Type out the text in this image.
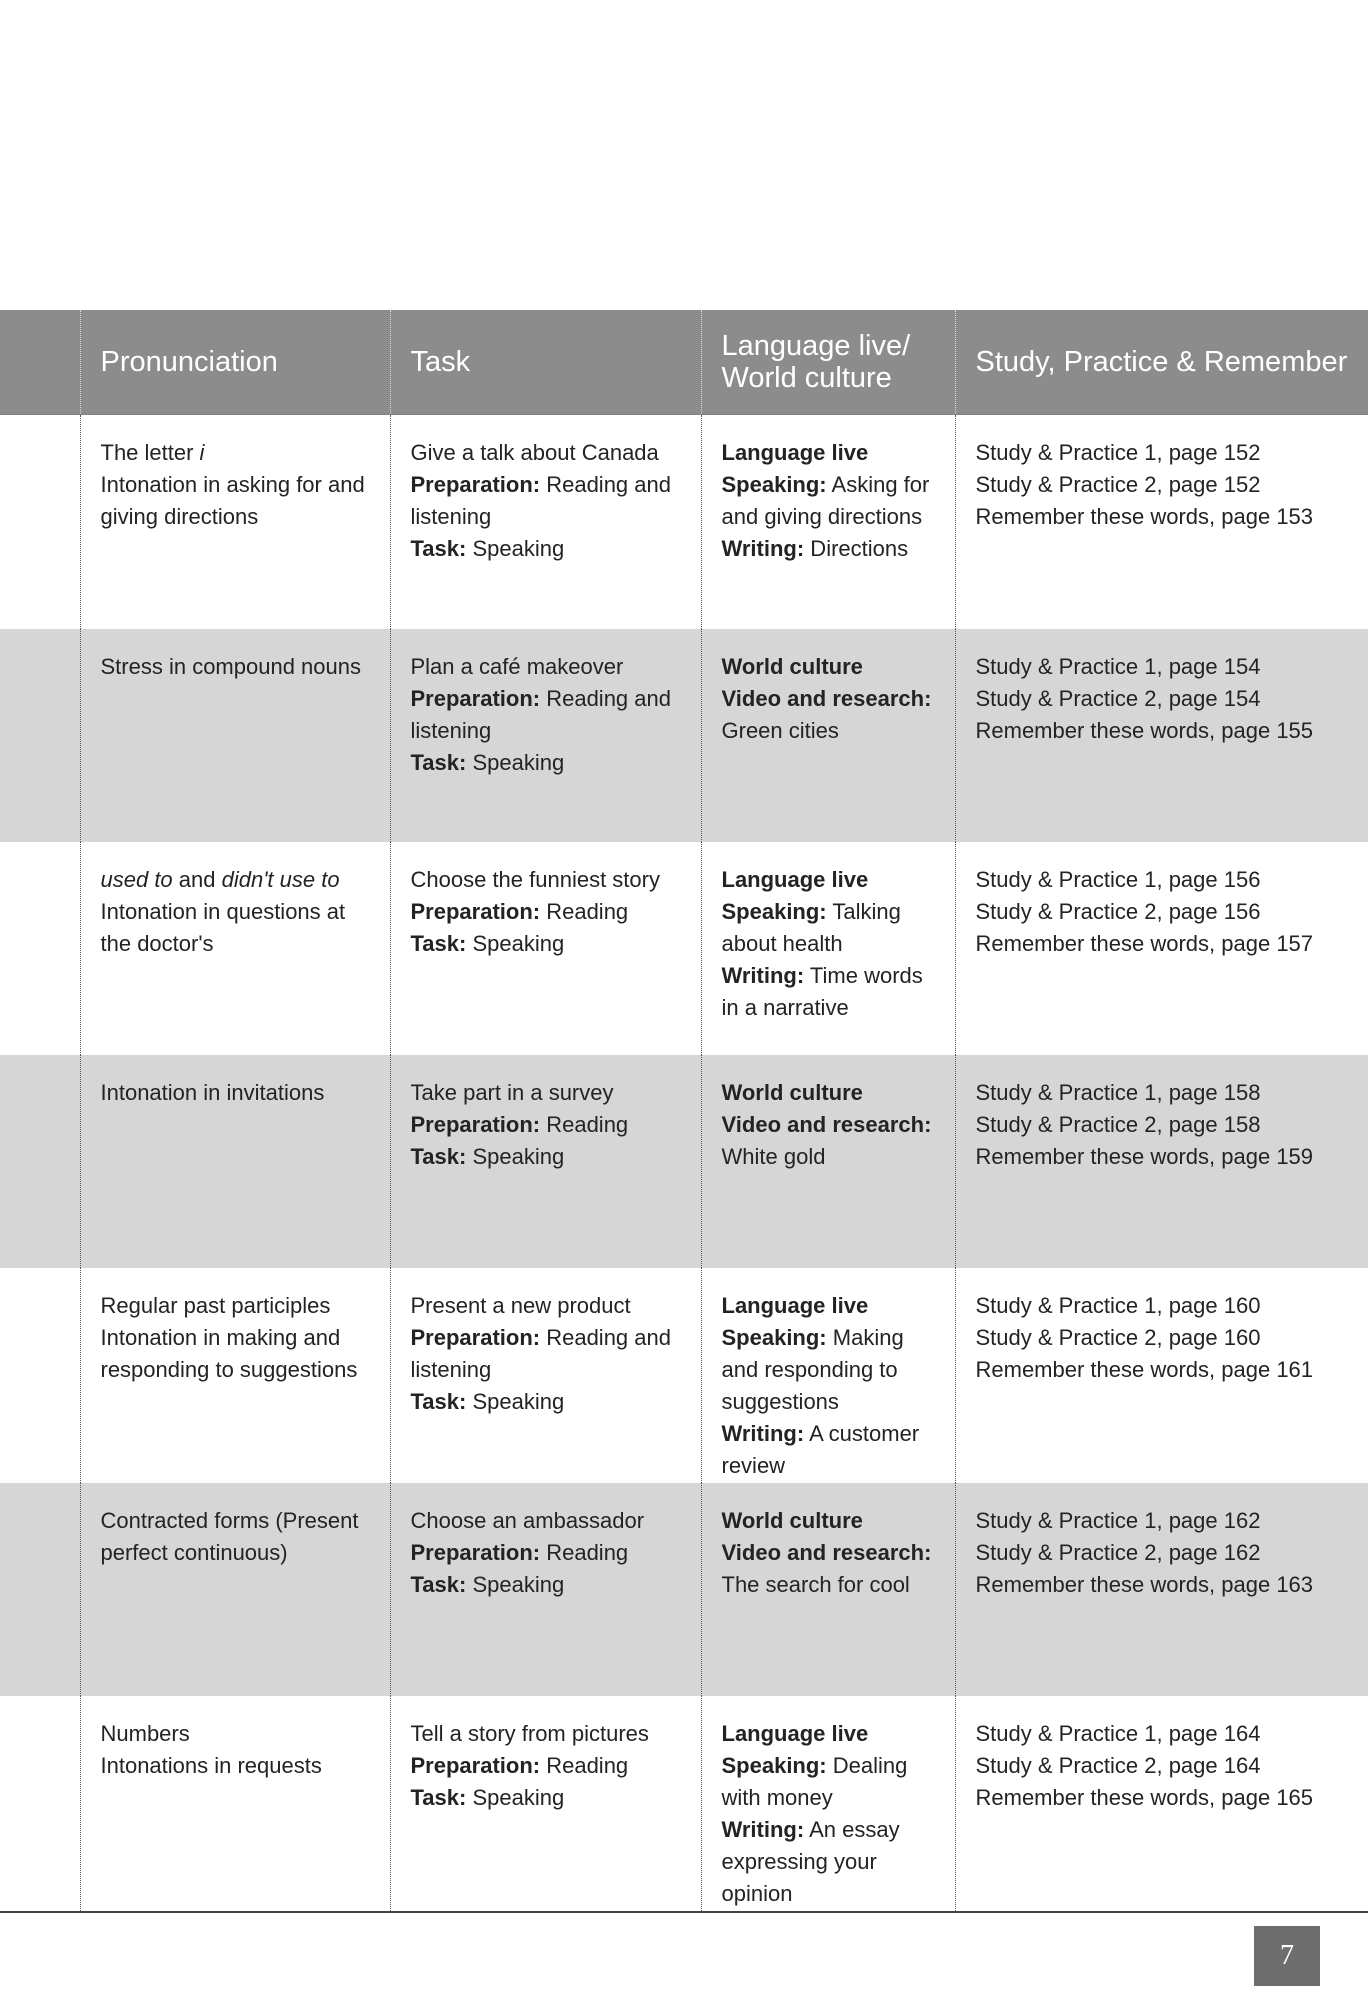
	Pronunciation	Task	Language live/
World culture	Study, Practice & Remember

	The letter i
Intonation in asking for and giving directions	Give a talk about Canada
Preparation: Reading and listening
Task: Speaking	Language live
Speaking: Asking for and giving directions
Writing: Directions	Study & Practice 1, page 152
Study & Practice 2, page 152
Remember these words, page 153

	Stress in compound nouns	Plan a café makeover
Preparation: Reading and listening
Task: Speaking	World culture
Video and research: Green cities	Study & Practice 1, page 154
Study & Practice 2, page 154
Remember these words, page 155

	used to and didn't use to
Intonation in questions at the doctor's	Choose the funniest story
Preparation: Reading
Task: Speaking	Language live
Speaking: Talking about health
Writing: Time words in a narrative	Study & Practice 1, page 156
Study & Practice 2, page 156
Remember these words, page 157

	Intonation in invitations	Take part in a survey
Preparation: Reading
Task: Speaking	World culture
Video and research: White gold	Study & Practice 1, page 158
Study & Practice 2, page 158
Remember these words, page 159

	Regular past participles
Intonation in making and responding to suggestions	Present a new product
Preparation: Reading and listening
Task: Speaking	Language live
Speaking: Making and responding to suggestions
Writing: A customer review	Study & Practice 1, page 160
Study & Practice 2, page 160
Remember these words, page 161

	Contracted forms (Present perfect continuous)	Choose an ambassador
Preparation: Reading
Task: Speaking	World culture
Video and research: The search for cool	Study & Practice 1, page 162
Study & Practice 2, page 162
Remember these words, page 163

	Numbers
Intonations in requests	Tell a story from pictures
Preparation: Reading
Task: Speaking	Language live
Speaking: Dealing with money
Writing: An essay expressing your opinion	Study & Practice 1, page 164
Study & Practice 2, page 164
Remember these words, page 165
7
